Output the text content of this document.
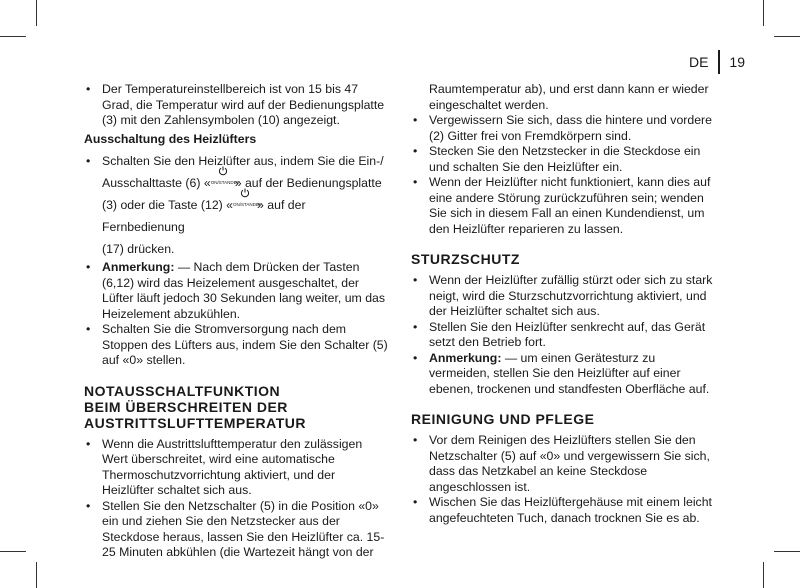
DE 19
• Der Temperatureinstellbereich ist von 15 bis 47 Grad, die Temperatur wird auf der Bedienungsplatte (3) mit den Zahlensymbolen (10) angezeigt.
Ausschaltung des Heizlüfters
• Schalten Sie den Heizlüfter aus, indem Sie die Ein-/
Ausschalttaste (6) « ON/STANDBY
» auf der Bedienungsplatte
(3) oder die Taste (12) « ON/STANDBY
» auf der Fernbedienung
(17) drücken.
• Anmerkung: — Nach dem Drücken der Tasten (6,12) wird das Heizelement ausgeschaltet, der Lüfter läuft jedoch 30 Sekunden lang weiter, um das Heizelement abzukühlen.
• Schalten Sie die Stromversorgung nach dem Stoppen des Lüfters aus, indem Sie den Schalter (5) auf «0» stellen.
NOTAUSSCHALTFUNKTION
BEIM ÜBERSCHREITEN DER
AUSTRITTSLUFTTEMPERATUR
• Wenn die Austrittslufttemperatur den zulässigen Wert überschreitet, wird eine automatische Thermoschutzvorrichtung aktiviert, und der Heizlüfter schaltet sich aus.
• Stellen Sie den Netzschalter (5) in die Position «0» ein und ziehen Sie den Netzstecker aus der Steckdose heraus, lassen Sie den Heizlüfter ca. 15-25 Minuten abkühlen (die Wartezeit hängt von der
Raumtemperatur ab), und erst dann kann er wieder eingeschaltet werden.
• Vergewissern Sie sich, dass die hintere und vordere (2) Gitter frei von Fremdkörpern sind.
• Stecken Sie den Netzstecker in die Steckdose ein und schalten Sie den Heizlüfter ein.
• Wenn der Heizlüfter nicht funktioniert, kann dies auf eine andere Störung zurückzuführen sein; wenden Sie sich in diesem Fall an einen Kundendienst, um den Heizlüfter reparieren zu lassen.
STURZSCHUTZ
• Wenn der Heizlüfter zufällig stürzt oder sich zu stark neigt, wird die Sturzschutzvorrichtung aktiviert, und der Heizlüfter schaltet sich aus.
• Stellen Sie den Heizlüfter senkrecht auf, das Gerät setzt den Betrieb fort.
• Anmerkung: — um einen Gerätesturz zu vermeiden, stellen Sie den Heizlüfter auf einer ebenen, trockenen und standfesten Oberfläche auf.
REINIGUNG UND PFLEGE
• Vor dem Reinigen des Heizlüfters stellen Sie den Netzschalter (5) auf «0» und vergewissern Sie sich, dass das Netzkabel an keine Steckdose angeschlossen ist.
• Wischen Sie das Heizlüftergehäuse mit einem leicht angefeuchteten Tuch, danach trocknen Sie es ab.
